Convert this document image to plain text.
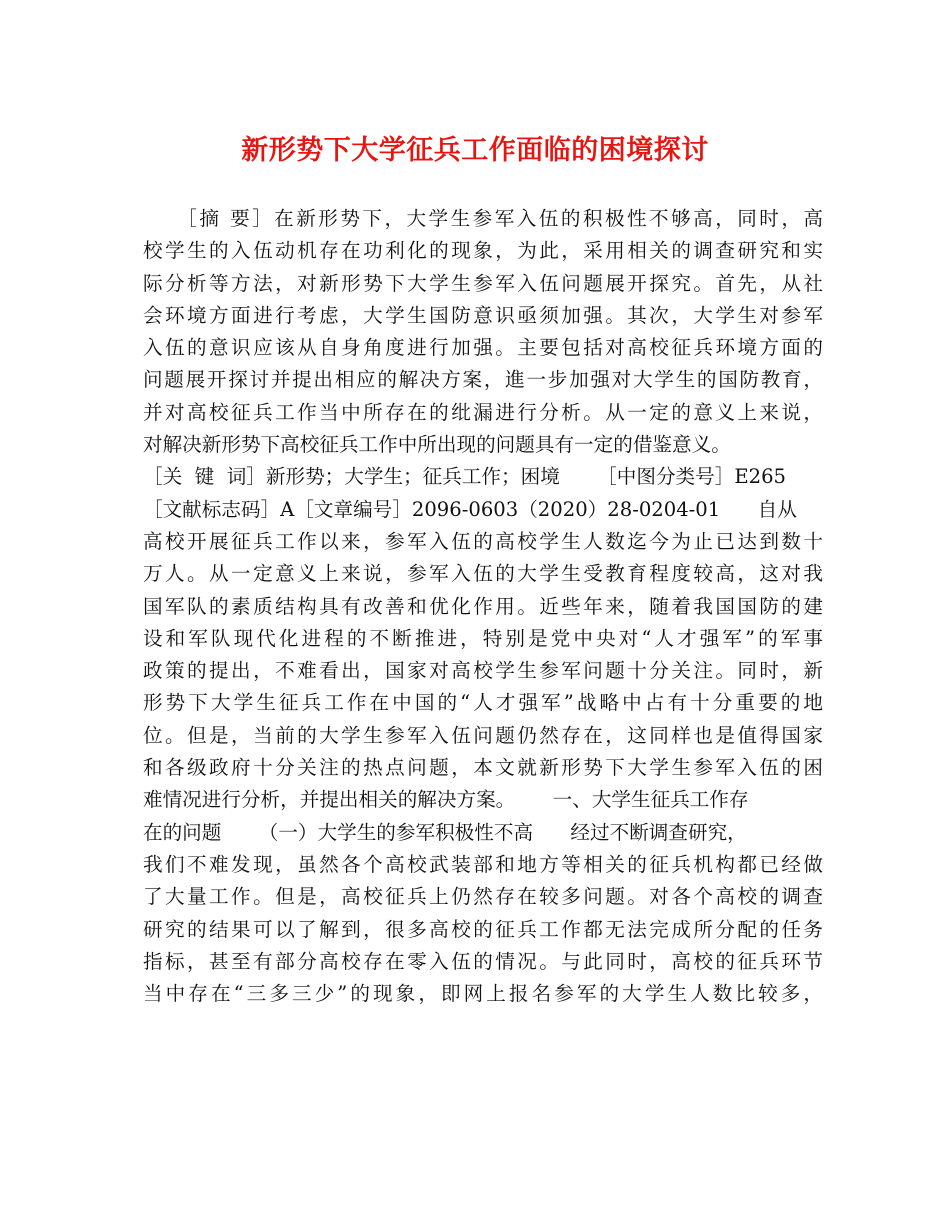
新形势下大学征兵工作面临的困境探讨
　　［摘 要］在新形势下，大学生参军入伍的积极性不够高，同时，高
校学生的入伍动机存在功利化的现象，为此，采用相关的调查研究和实
际分析等方法，对新形势下大学生参军入伍问题展开探究。首先，从社
会环境方面进行考虑，大学生国防意识亟须加强。其次，大学生对参军
入伍的意识应该从自身角度进行加强。主要包括对高校征兵环境方面的
问题展开探讨并提出相应的解决方案，進一步加强对大学生的国防教育，
并对高校征兵工作当中所存在的纰漏进行分析。从一定的意义上来说，
对解决新形势下高校征兵工作中所出现的问题具有一定的借鉴意义。
［关  键  词］新形势；大学生；征兵工作；困境      ［中图分类号］E265
［文献标志码］A［文章编号］2096-0603（2020）28-0204-01      自从
高校开展征兵工作以来，参军入伍的高校学生人数迄今为止已达到数十
万人。从一定意义上来说，参军入伍的大学生受教育程度较高，这对我
国军队的素质结构具有改善和优化作用。近些年来，随着我国国防的建
设和军队现代化进程的不断推进，特别是党中央对“人才强军”的军事
政策的提出，不难看出，国家对高校学生参军问题十分关注。同时，新
形势下大学生征兵工作在中国的“人才强军”战略中占有十分重要的地
位。但是，当前的大学生参军入伍问题仍然存在，这同样也是值得国家
和各级政府十分关注的热点问题，本文就新形势下大学生参军入伍的困
难情况进行分析，并提出相关的解决方案。      一、大学生征兵工作存
在的问题      （一）大学生的参军积极性不高      经过不断调查研究，
我们不难发现，虽然各个高校武装部和地方等相关的征兵机构都已经做
了大量工作。但是，高校征兵上仍然存在较多问题。对各个高校的调查
研究的结果可以了解到，很多高校的征兵工作都无法完成所分配的任务
指标，甚至有部分高校存在零入伍的情况。与此同时，高校的征兵环节
当中存在“三多三少”的现象，即网上报名参军的大学生人数比较多，
